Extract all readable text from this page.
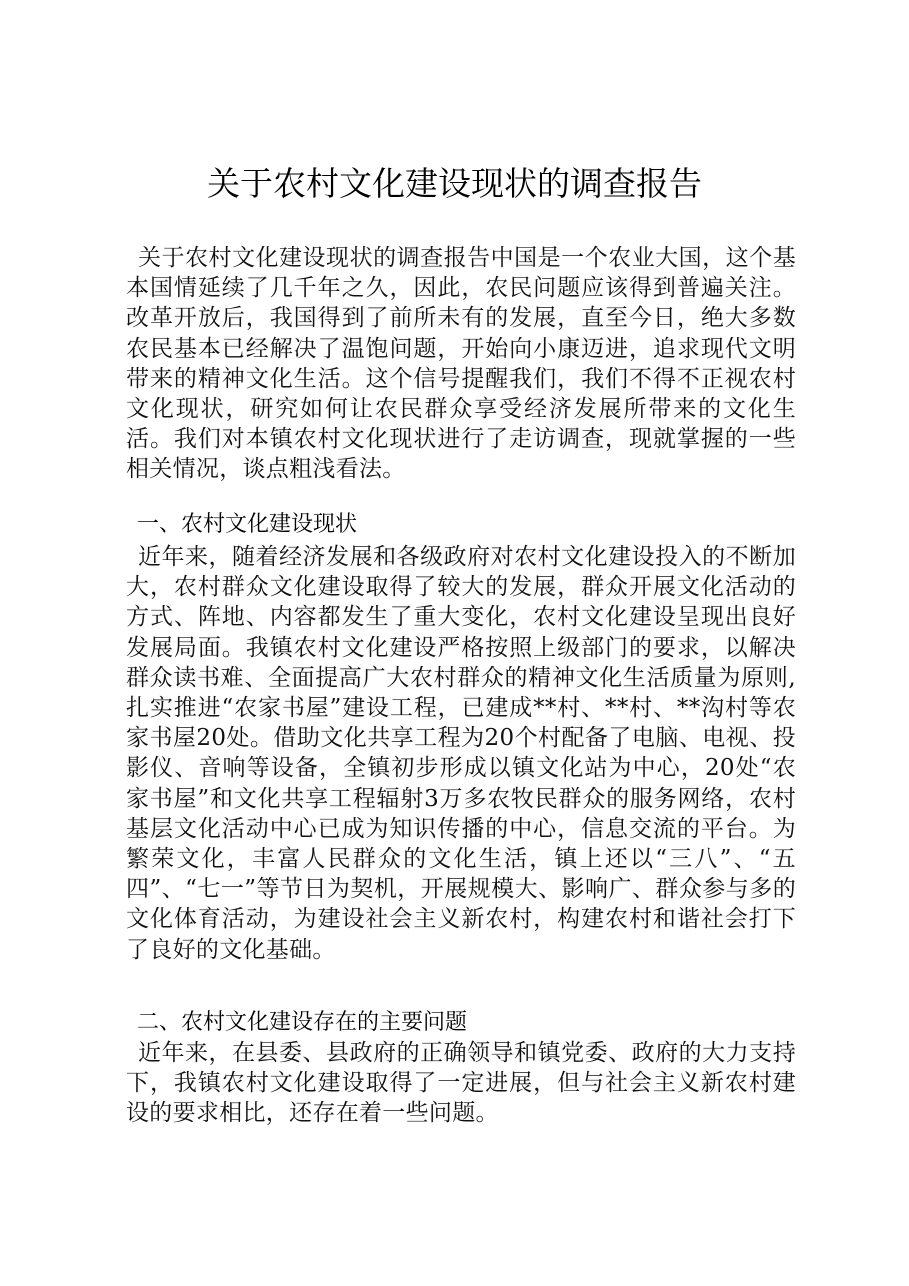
关于农村文化建设现状的调查报告
关于农村文化建设现状的调查报告中国是一个农业大国，这个基本国情延续了几千年之久，因此，农民问题应该得到普遍关注。改革开放后，我国得到了前所未有的发展，直至今日，绝大多数农民基本已经解决了温饱问题，开始向小康迈进，追求现代文明带来的精神文化生活。这个信号提醒我们，我们不得不正视农村文化现状，研究如何让农民群众享受经济发展所带来的文化生活。我们对本镇农村文化现状进行了走访调查，现就掌握的一些相关情况，谈点粗浅看法。
一、农村文化建设现状
近年来，随着经济发展和各级政府对农村文化建设投入的不断加大，农村群众文化建设取得了较大的发展，群众开展文化活动的方式、阵地、内容都发生了重大变化，农村文化建设呈现出良好发展局面。我镇农村文化建设严格按照上级部门的要求，以解决群众读书难、全面提高广大农村群众的精神文化生活质量为原则,扎实推进“农家书屋”建设工程，已建成**村、**村、**沟村等农家书屋20处。借助文化共享工程为20个村配备了电脑、电视、投影仪、音响等设备，全镇初步形成以镇文化站为中心，20处“农家书屋”和文化共享工程辐射3万多农牧民群众的服务网络，农村基层文化活动中心已成为知识传播的中心，信息交流的平台。为繁荣文化，丰富人民群众的文化生活，镇上还以“三八”、“五四”、“七一”等节日为契机，开展规模大、影响广、群众参与多的文化体育活动，为建设社会主义新农村，构建农村和谐社会打下了良好的文化基础。
二、农村文化建设存在的主要问题
近年来，在县委、县政府的正确领导和镇党委、政府的大力支持下，我镇农村文化建设取得了一定进展，但与社会主义新农村建设的要求相比，还存在着一些问题。
